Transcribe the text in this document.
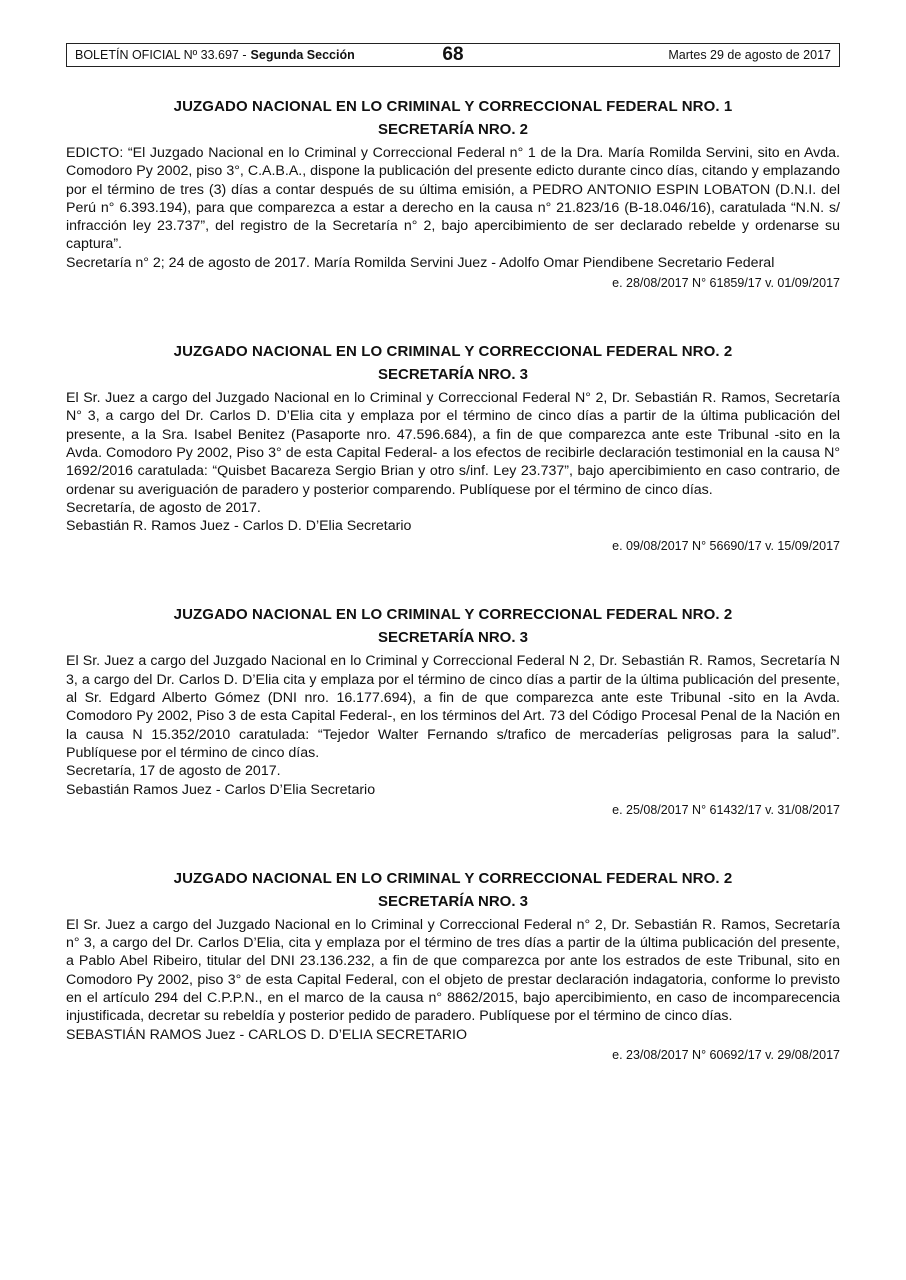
BOLETÍN OFICIAL Nº 33.697 - Segunda Sección	68	Martes 29 de agosto de 2017
JUZGADO NACIONAL EN LO CRIMINAL Y CORRECCIONAL FEDERAL NRO. 1
SECRETARÍA NRO. 2

EDICTO: “El Juzgado Nacional en lo Criminal y Correccional Federal n° 1 de la Dra. María Romilda Servini, sito en Avda. Comodoro Py 2002, piso 3°, C.A.B.A., dispone la publicación del presente edicto durante cinco días, citando y emplazando por el término de tres (3) días a contar después de su última emisión, a PEDRO ANTONIO ESPIN LOBATON (D.N.I. del Perú n° 6.393.194), para que comparezca a estar a derecho en la causa n° 21.823/16 (B-18.046/16), caratulada “N.N. s/ infracción ley 23.737”, del registro de la Secretaría n° 2, bajo apercibimiento de ser declarado rebelde y ordenarse su captura”.

Secretaría n° 2; 24 de agosto de 2017. María Romilda Servini Juez - Adolfo Omar Piendibene Secretario Federal

e. 28/08/2017 N° 61859/17 v. 01/09/2017
JUZGADO NACIONAL EN LO CRIMINAL Y CORRECCIONAL FEDERAL NRO. 2
SECRETARÍA NRO. 3

El Sr. Juez a cargo del Juzgado Nacional en lo Criminal y Correccional Federal N° 2, Dr. Sebastián R. Ramos, Secretaría N° 3, a cargo del Dr. Carlos D. D’Elia cita y emplaza por el término de cinco días a partir de la última publicación del presente, a la Sra. Isabel Benitez (Pasaporte nro. 47.596.684), a fin de que comparezca ante este Tribunal -sito en la Avda. Comodoro Py 2002, Piso 3° de esta Capital Federal- a los efectos de recibirle declaración testimonial en la causa N° 1692/2016 caratulada: “Quisbet Bacareza Sergio Brian y otro s/inf. Ley 23.737”, bajo apercibimiento en caso contrario, de ordenar su averiguación de paradero y posterior comparendo. Publíquese por el término de cinco días.

Secretaría, de agosto de 2017.

Sebastián R. Ramos Juez - Carlos D. D’Elia Secretario

e. 09/08/2017 N° 56690/17 v. 15/09/2017
JUZGADO NACIONAL EN LO CRIMINAL Y CORRECCIONAL FEDERAL NRO. 2
SECRETARÍA NRO. 3

El Sr. Juez a cargo del Juzgado Nacional en lo Criminal y Correccional Federal N 2, Dr. Sebastián R. Ramos, Secretaría N 3, a cargo del Dr. Carlos D. D’Elia cita y emplaza por el término de cinco días a partir de la última publicación del presente, al Sr. Edgard Alberto Gómez (DNI nro. 16.177.694), a fin de que comparezca ante este Tribunal -sito en la Avda. Comodoro Py 2002, Piso 3 de esta Capital Federal-, en los términos del Art. 73 del Código Procesal Penal de la Nación en la causa N 15.352/2010 caratulada: “Tejedor Walter Fernando s/trafico de mercaderías peligrosas para la salud”. Publíquese por el término de cinco días.

Secretaría, 17 de agosto de 2017.

Sebastián Ramos Juez - Carlos D’Elia Secretario

e. 25/08/2017 N° 61432/17 v. 31/08/2017
JUZGADO NACIONAL EN LO CRIMINAL Y CORRECCIONAL FEDERAL NRO. 2
SECRETARÍA NRO. 3

El Sr. Juez a cargo del Juzgado Nacional en lo Criminal y Correccional Federal n° 2, Dr. Sebastián R. Ramos, Secretaría n° 3, a cargo del Dr. Carlos D’Elia, cita y emplaza por el término de tres días a partir de la última publicación del presente, a Pablo Abel Ribeiro, titular del DNI 23.136.232, a fin de que comparezca por ante los estrados de este Tribunal, sito en Comodoro Py 2002, piso 3° de esta Capital Federal, con el objeto de prestar declaración indagatoria, conforme lo previsto en el artículo 294 del C.P.P.N., en el marco de la causa n° 8862/2015, bajo apercibimiento, en caso de incomparecencia injustificada, decretar su rebeldía y posterior pedido de paradero. Publíquese por el término de cinco días.

SEBASTIÁN RAMOS Juez - CARLOS D. D’ELIA SECRETARIO

e. 23/08/2017 N° 60692/17 v. 29/08/2017
